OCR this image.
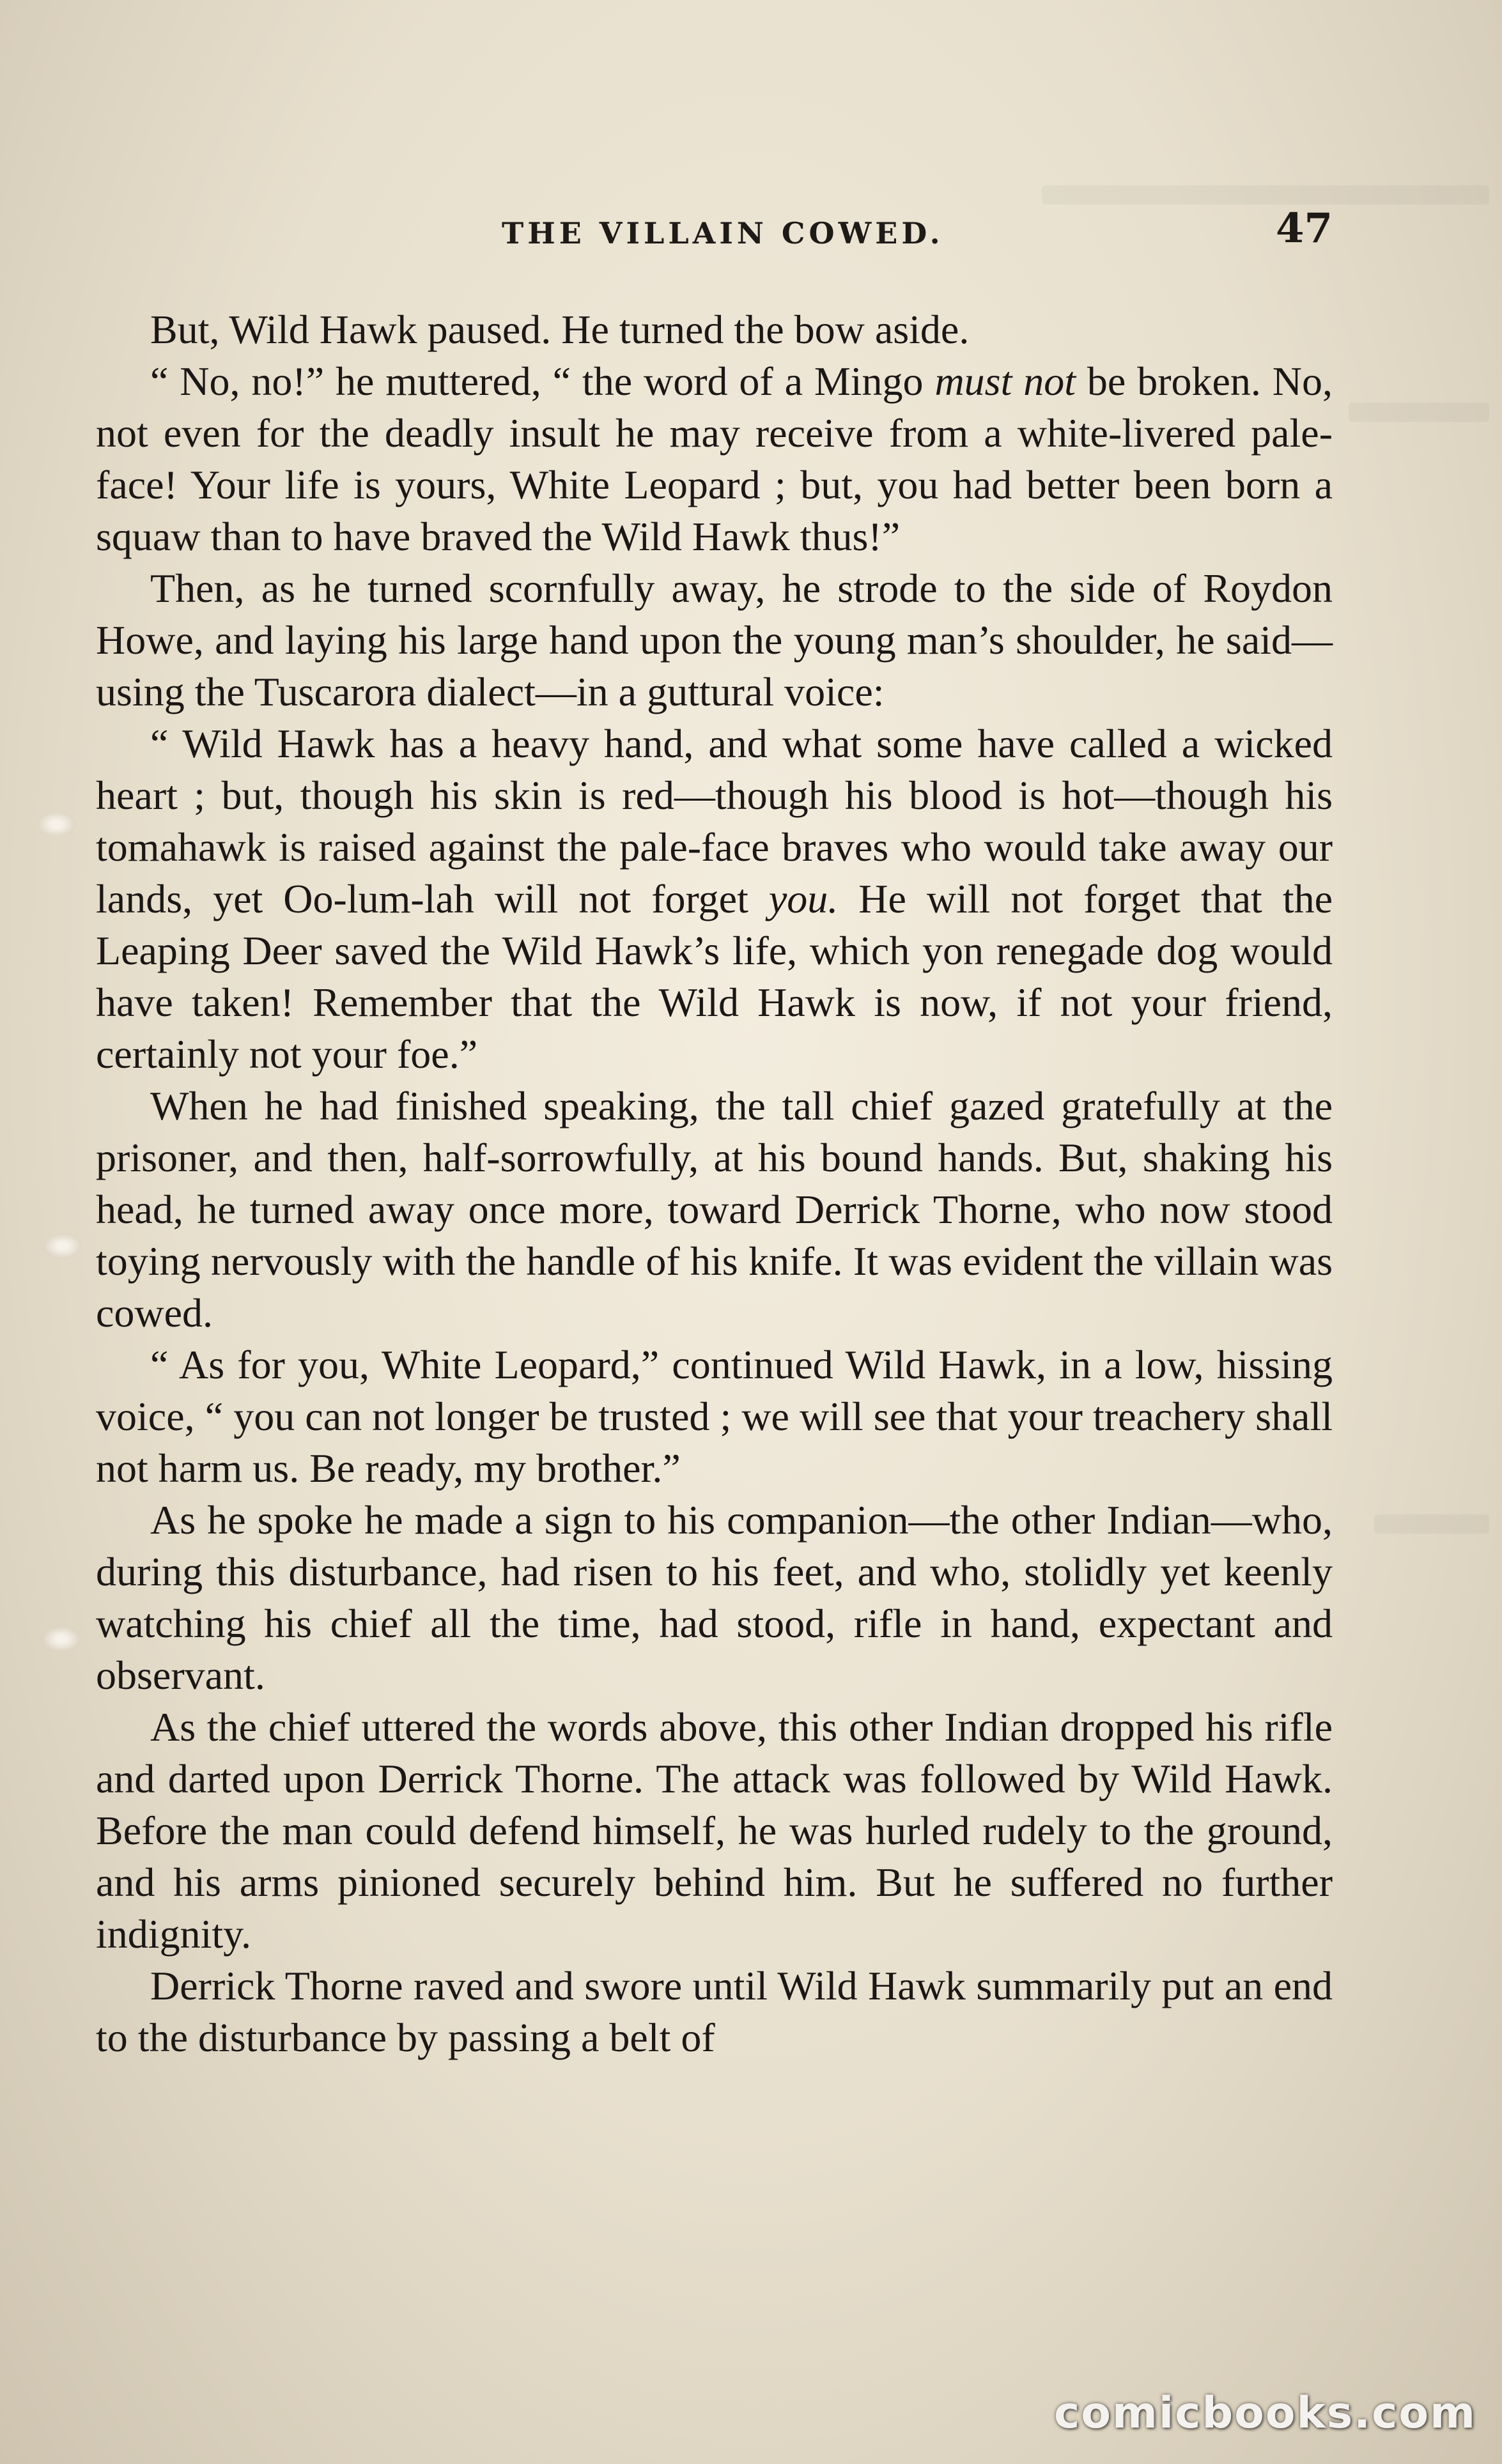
THE VILLAIN COWED.	47

But, Wild Hawk paused. He turned the bow aside.

“ No, no!” he muttered, “ the word of a Mingo must not be broken. No, not even for the deadly insult he may receive from a white-livered pale-face! Your life is yours, White Leopard ; but, you had better been born a squaw than to have braved the Wild Hawk thus!”

Then, as he turned scornfully away, he strode to the side of Roydon Howe, and laying his large hand upon the young man’s shoulder, he said—using the Tuscarora dialect—in a guttural voice:

“ Wild Hawk has a heavy hand, and what some have called a wicked heart ; but, though his skin is red—though his blood is hot—though his tomahawk is raised against the pale-face braves who would take away our lands, yet Oo-lum-lah will not forget you. He will not forget that the Leaping Deer saved the Wild Hawk’s life, which yon renegade dog would have taken! Remember that the Wild Hawk is now, if not your friend, certainly not your foe.”

When he had finished speaking, the tall chief gazed gratefully at the prisoner, and then, half-sorrowfully, at his bound hands. But, shaking his head, he turned away once more, toward Derrick Thorne, who now stood toying nervously with the handle of his knife. It was evident the villain was cowed.

“ As for you, White Leopard,” continued Wild Hawk, in a low, hissing voice, “ you can not longer be trusted ; we will see that your treachery shall not harm us. Be ready, my brother.”

As he spoke he made a sign to his companion—the other Indian—who, during this disturbance, had risen to his feet, and who, stolidly yet keenly watching his chief all the time, had stood, rifle in hand, expectant and observant.

As the chief uttered the words above, this other Indian dropped his rifle and darted upon Derrick Thorne. The attack was followed by Wild Hawk. Before the man could defend himself, he was hurled rudely to the ground, and his arms pinioned securely behind him. But he suffered no further indignity.

Derrick Thorne raved and swore until Wild Hawk summarily put an end to the disturbance by passing a belt of

comicbooks.com
